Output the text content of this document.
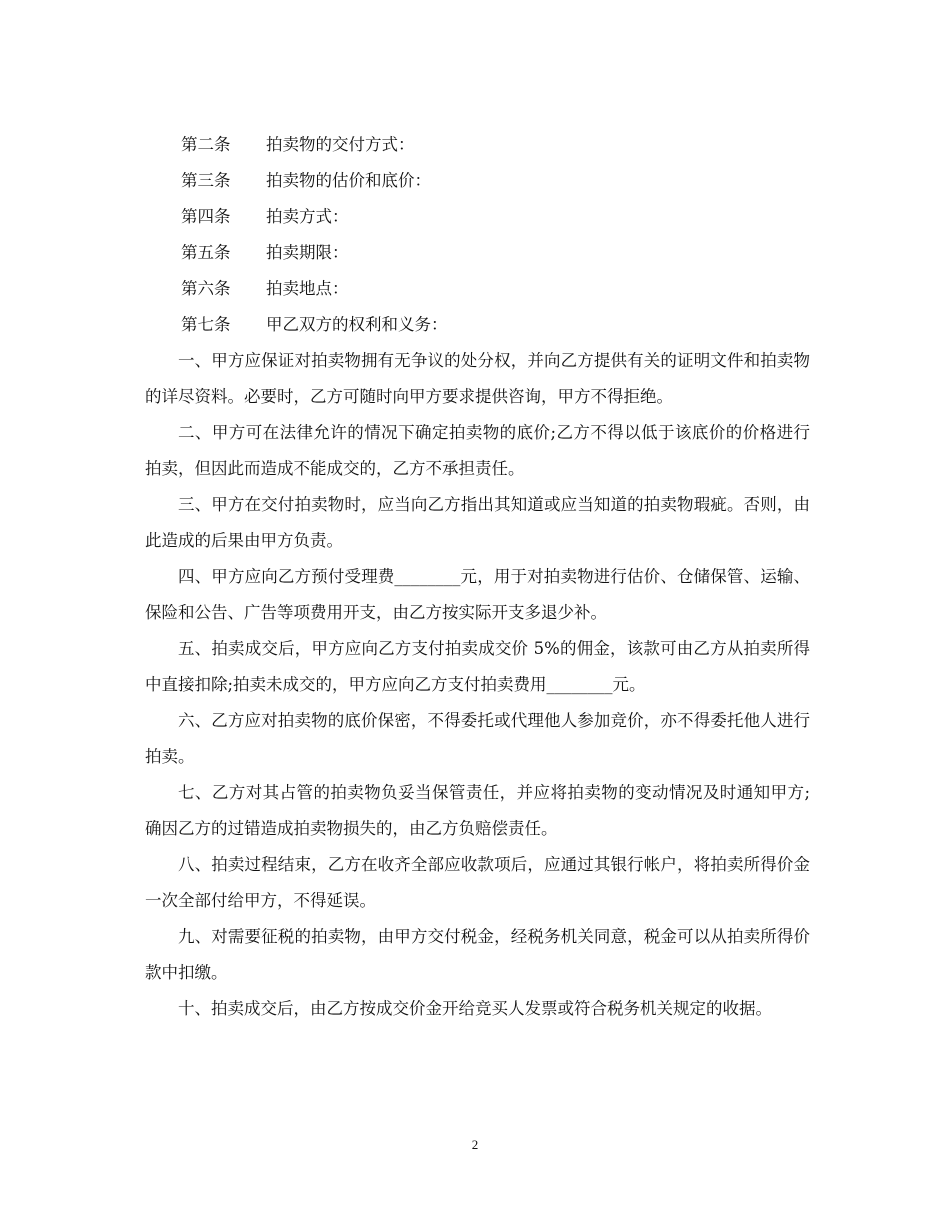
第二条 拍卖物的交付方式：
第三条 拍卖物的估价和底价：
第四条 拍卖方式：
第五条 拍卖期限：
第六条 拍卖地点：
第七条 甲乙双方的权利和义务：

一、甲方应保证对拍卖物拥有无争议的处分权，并向乙方提供有关的证明文件和拍卖物的详尽资料。必要时，乙方可随时向甲方要求提供咨询，甲方不得拒绝。

二、甲方可在法律允许的情况下确定拍卖物的底价;乙方不得以低于该底价的价格进行拍卖，但因此而造成不能成交的，乙方不承担责任。

三、甲方在交付拍卖物时，应当向乙方指出其知道或应当知道的拍卖物瑕疵。否则，由此造成的后果由甲方负责。

四、甲方应向乙方预付受理费________元，用于对拍卖物进行估价、仓储保管、运输、保险和公告、广告等项费用开支，由乙方按实际开支多退少补。

五、拍卖成交后，甲方应向乙方支付拍卖成交价 5%的佣金，该款可由乙方从拍卖所得中直接扣除;拍卖未成交的，甲方应向乙方支付拍卖费用________元。

六、乙方应对拍卖物的底价保密，不得委托或代理他人参加竞价，亦不得委托他人进行拍卖。

七、乙方对其占管的拍卖物负妥当保管责任，并应将拍卖物的变动情况及时通知甲方;确因乙方的过错造成拍卖物损失的，由乙方负赔偿责任。

八、拍卖过程结束，乙方在收齐全部应收款项后，应通过其银行帐户，将拍卖所得价金一次全部付给甲方，不得延误。

九、对需要征税的拍卖物，由甲方交付税金，经税务机关同意，税金可以从拍卖所得价款中扣缴。

十、拍卖成交后，由乙方按成交价金开给竞买人发票或符合税务机关规定的收据。

2
